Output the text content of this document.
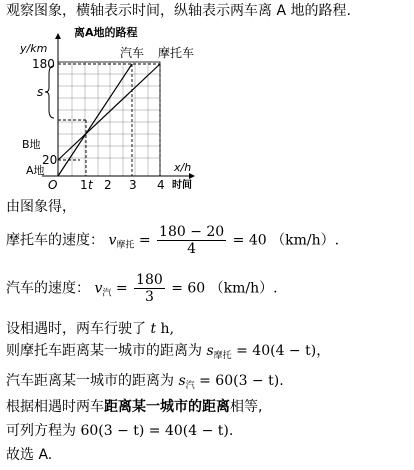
观察图象，横轴表示时间，纵轴表示两车离 A 地的路程.
离A地的路程
y/km	汽车 摩托车
180
s
B地
20
A地
O 1 t 2 3 4
x/h
时间
由图象得，
摩托车的速度： $v_{摩托} = \frac{180 - 20}{4} = 40$ （km/h）.
汽车的速度： $v_汽 = \frac{180}{3} = 60$ （km/h）.
设相遇时，两车行驶了 t h,
则摩托车距离某一城市的距离为 $s_{摩托} = 40(4 - t)$，
汽车距离某一城市的距离为 $s_汽 = 60(3 - t)$.
根据相遇时两车距离某一城市的距离相等,
可列方程为 60(3 − t) = 40(4 − t).
故选 A.
